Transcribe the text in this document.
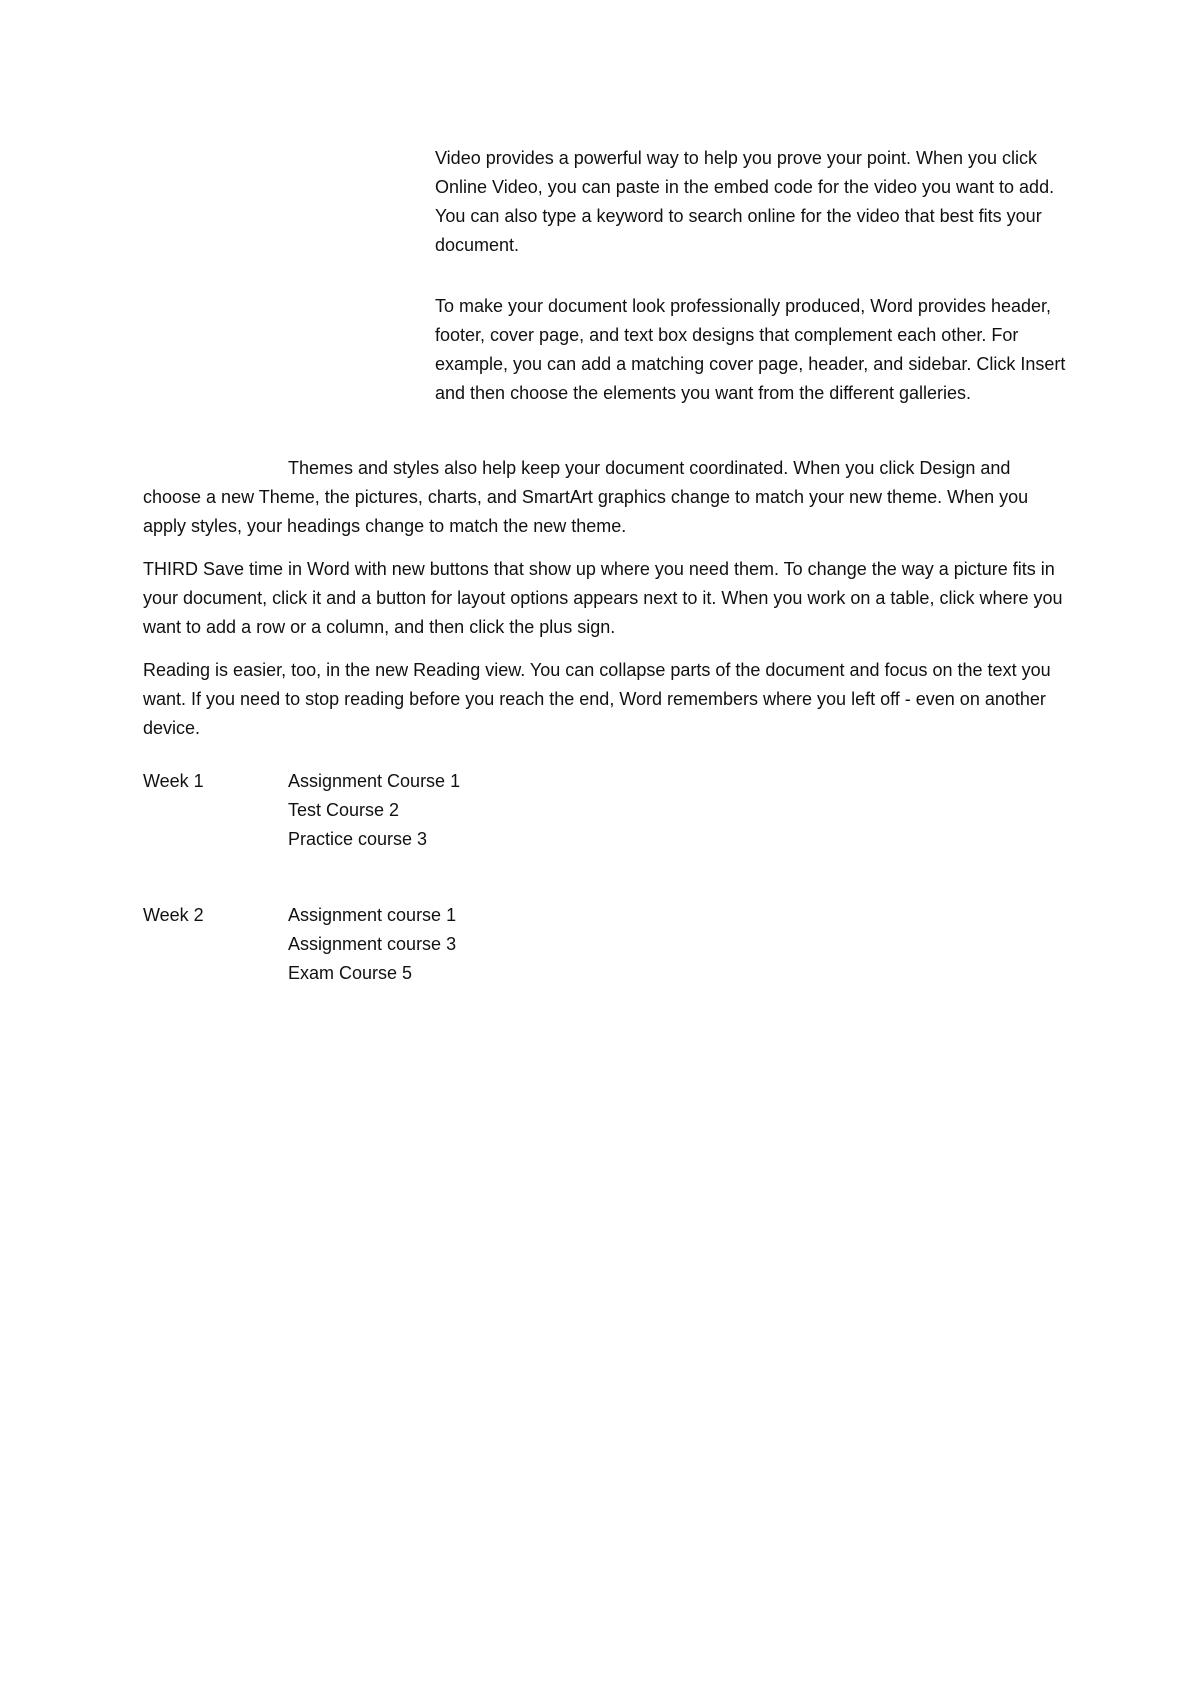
Video provides a powerful way to help you prove your point. When you click Online Video, you can paste in the embed code for the video you want to add. You can also type a keyword to search online for the video that best fits your document.

To make your document look professionally produced, Word provides header, footer, cover page, and text box designs that complement each other. For example, you can add a matching cover page, header, and sidebar. Click Insert and then choose the elements you want from the different galleries.

Themes and styles also help keep your document coordinated. When you click Design and choose a new Theme, the pictures, charts, and SmartArt graphics change to match your new theme. When you apply styles, your headings change to match the new theme.

THIRD Save time in Word with new buttons that show up where you need them. To change the way a picture fits in your document, click it and a button for layout options appears next to it. When you work on a table, click where you want to add a row or a column, and then click the plus sign.

Reading is easier, too, in the new Reading view. You can collapse parts of the document and focus on the text you want. If you need to stop reading before you reach the end, Word remembers where you left off - even on another device.

Week 1	Assignment Course 1
Test Course 2
Practice course 3
Week 2	Assignment course 1
Assignment course 3
Exam Course 5
